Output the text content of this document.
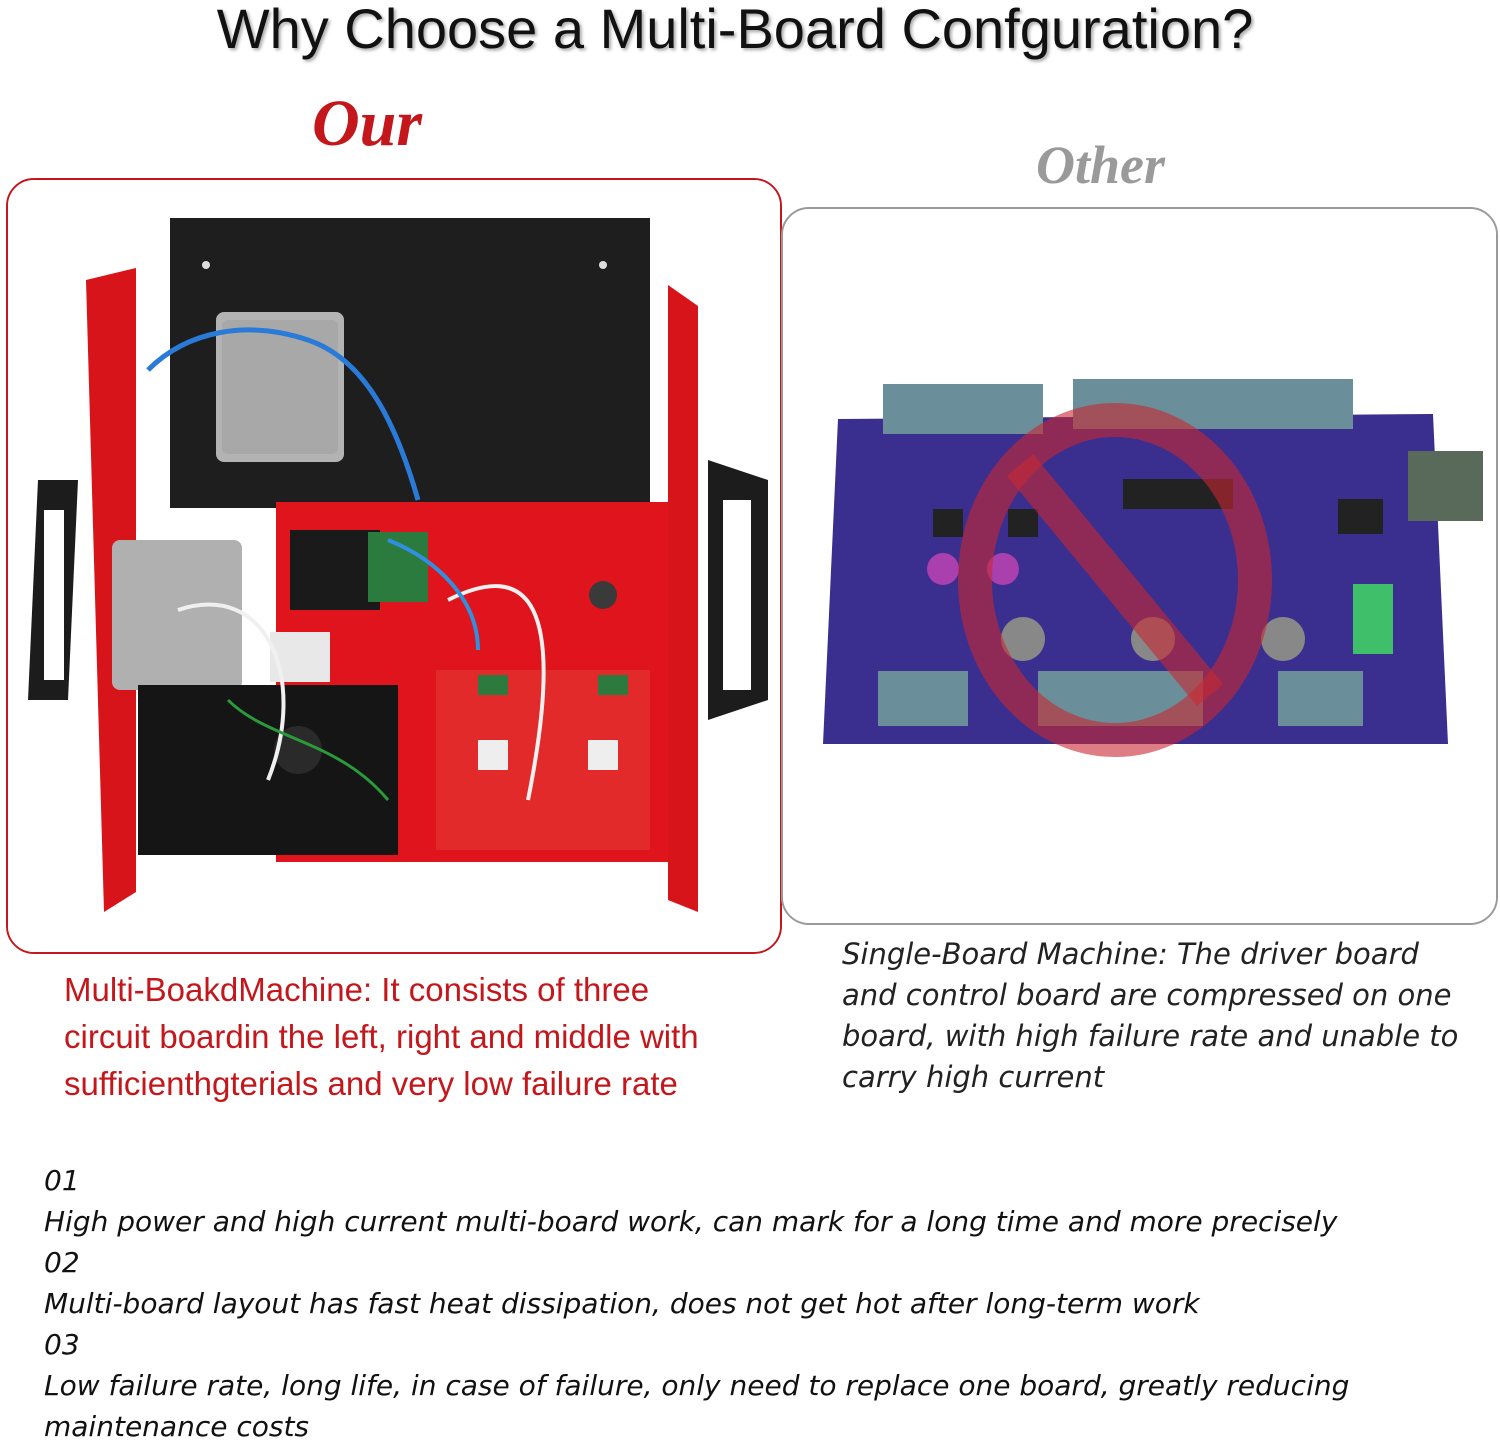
Why Choose a Multi-Board Confguration?
Our
Other
Multi-BoakdMachine: It consists of three circuit boardin the left, right and middle with sufficienthgterials and very low failure rate
Single-Board Machine: The driver board and control board are compressed on one board, with high failure rate and unable to carry high current
01
High power and high current multi-board work, can mark for a long time and more precisely
02
Multi-board layout has fast heat dissipation, does not get hot after long-term work
03
Low failure rate, long life, in case of failure, only need to replace one board, greatly reducing maintenance costs
